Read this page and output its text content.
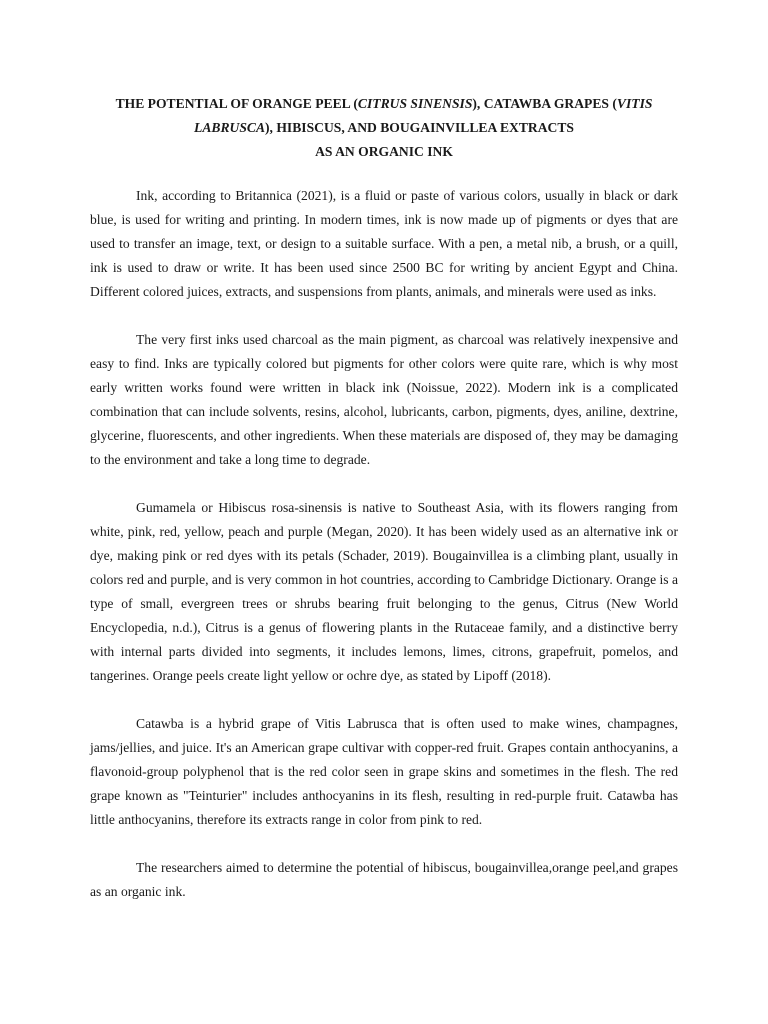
THE POTENTIAL OF ORANGE PEEL (CITRUS SINENSIS), CATAWBA GRAPES (VITIS LABRUSCA), HIBISCUS, AND BOUGAINVILLEA EXTRACTS
AS AN ORGANIC INK

Ink, according to Britannica (2021), is a fluid or paste of various colors, usually in black or dark blue, is used for writing and printing. In modern times, ink is now made up of pigments or dyes that are used to transfer an image, text, or design to a suitable surface. With a pen, a metal nib, a brush, or a quill, ink is used to draw or write. It has been used since 2500 BC for writing by ancient Egypt and China. Different colored juices, extracts, and suspensions from plants, animals, and minerals were used as inks.

The very first inks used charcoal as the main pigment, as charcoal was relatively inexpensive and easy to find. Inks are typically colored but pigments for other colors were quite rare, which is why most early written works found were written in black ink (Noissue, 2022). Modern ink is a complicated combination that can include solvents, resins, alcohol, lubricants, carbon, pigments, dyes, aniline, dextrine, glycerine, fluorescents, and other ingredients. When these materials are disposed of, they may be damaging to the environment and take a long time to degrade.

Gumamela or Hibiscus rosa-sinensis is native to Southeast Asia, with its flowers ranging from white, pink, red, yellow, peach and purple (Megan, 2020). It has been widely used as an alternative ink or dye, making pink or red dyes with its petals (Schader, 2019). Bougainvillea is a climbing plant, usually in colors red and purple, and is very common in hot countries, according to Cambridge Dictionary. Orange is a type of small, evergreen trees or shrubs bearing fruit belonging to the genus, Citrus (New World Encyclopedia, n.d.), Citrus is a genus of flowering plants in the Rutaceae family, and a distinctive berry with internal parts divided into segments, it includes lemons, limes, citrons, grapefruit, pomelos, and tangerines. Orange peels create light yellow or ochre dye, as stated by Lipoff (2018).

Catawba is a hybrid grape of Vitis Labrusca that is often used to make wines, champagnes, jams/jellies, and juice. It's an American grape cultivar with copper-red fruit. Grapes contain anthocyanins, a flavonoid-group polyphenol that is the red color seen in grape skins and sometimes in the flesh. The red grape known as "Teinturier" includes anthocyanins in its flesh, resulting in red-purple fruit. Catawba has little anthocyanins, therefore its extracts range in color from pink to red.

The researchers aimed to determine the potential of hibiscus, bougainvillea,orange peel,and grapes as an organic ink.
